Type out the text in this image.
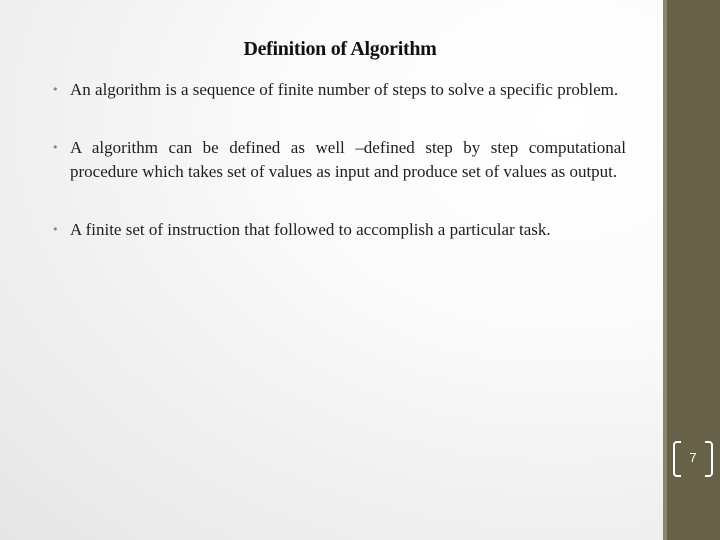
Definition of Algorithm
• An algorithm is a sequence of finite number of steps to solve a specific problem.
• A algorithm can be defined as well –defined step by step computational procedure which takes set of values as input and produce set of values as output.
• A finite set of instruction that followed to accomplish a particular task.
7
